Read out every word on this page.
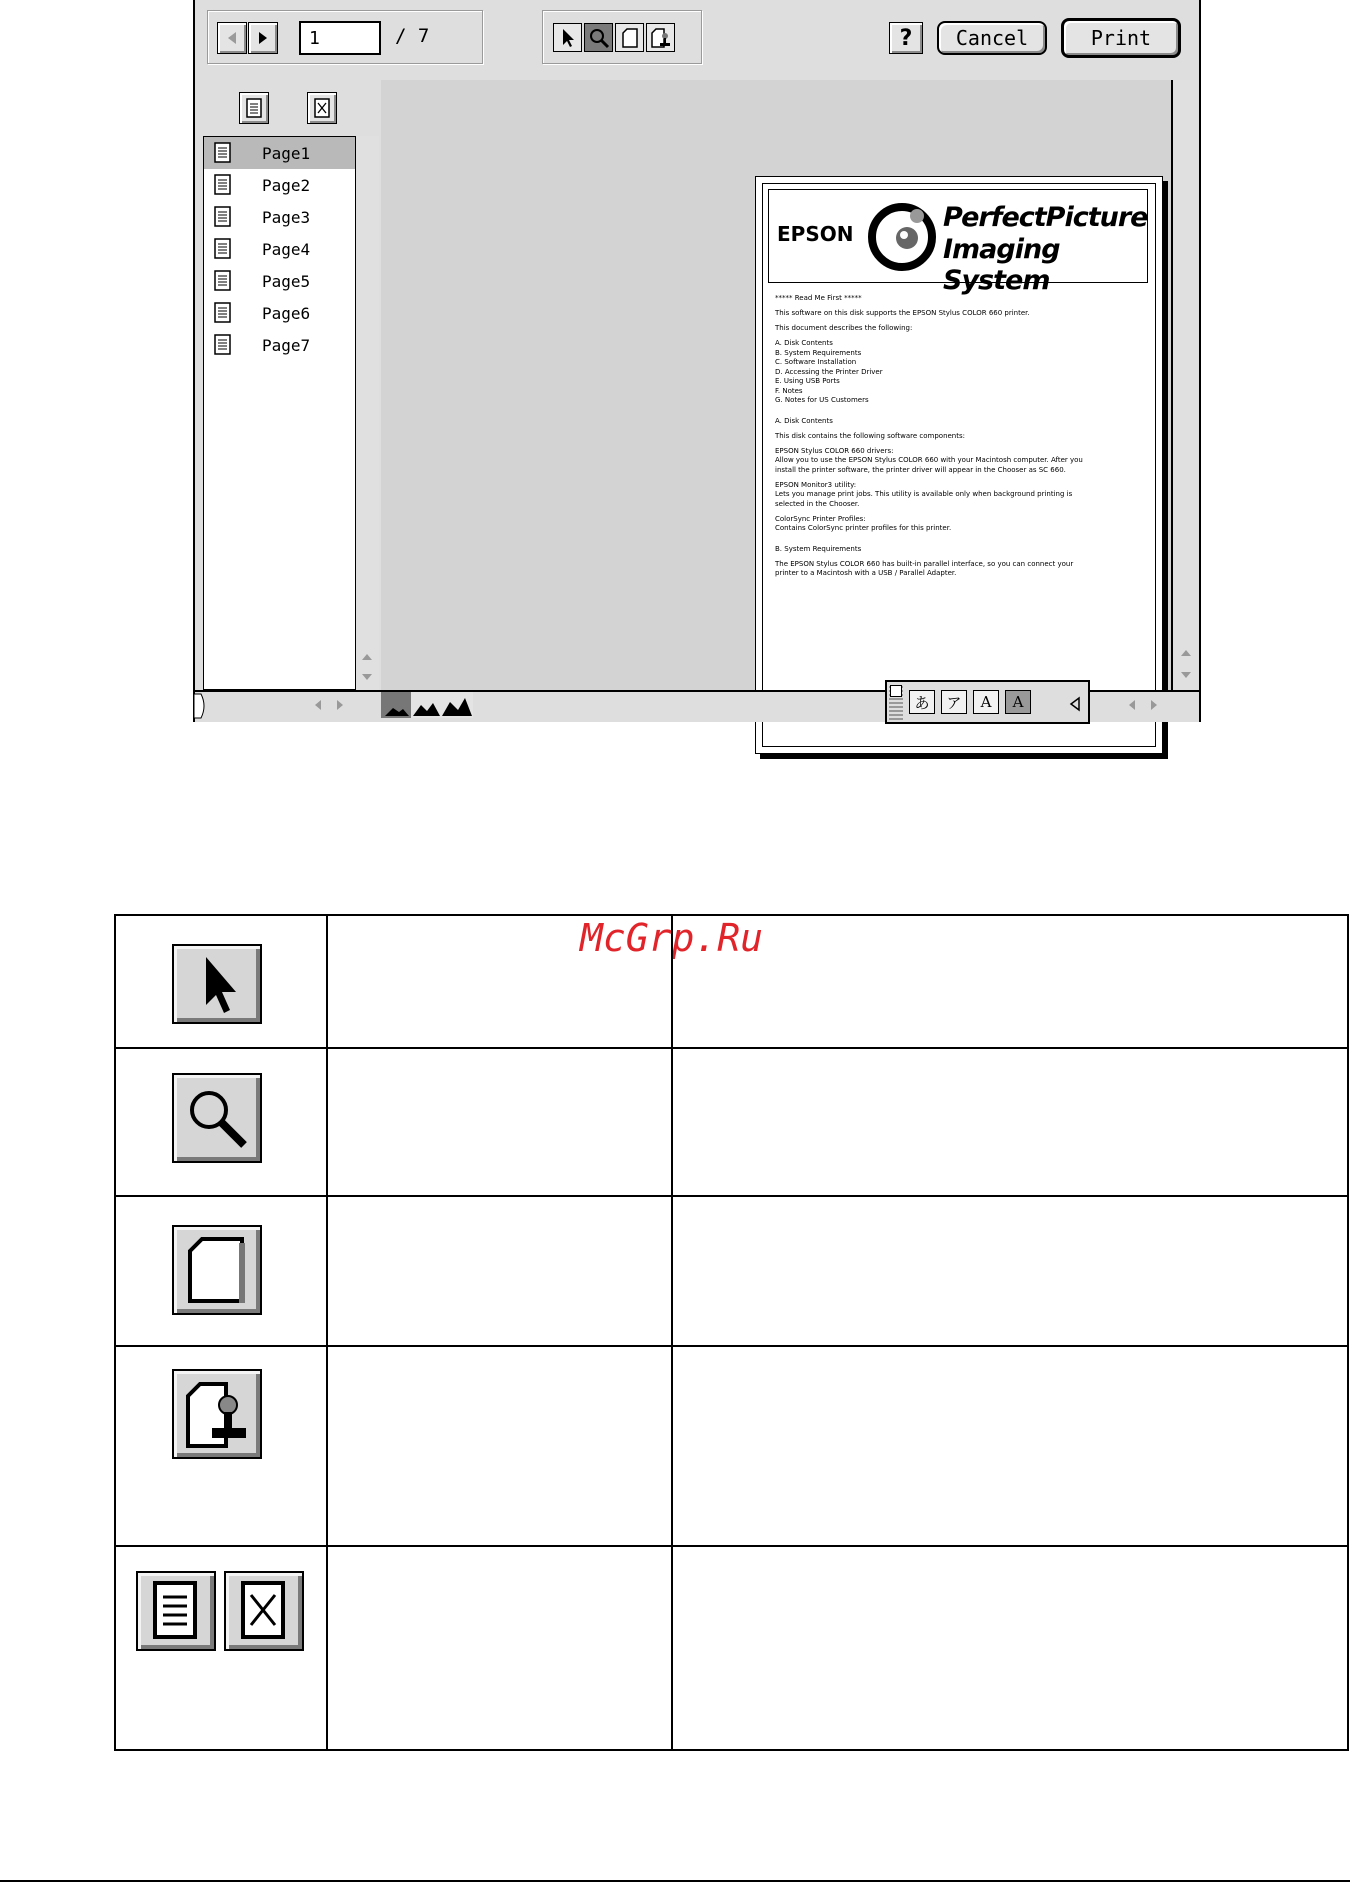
1
/ 7	? Cancel	Print
Page1
Page2
Page3
Page4
Page5
Page6
Page7
EPSON
PerfectPicture
Imaging System
***** Read Me First *****
This software on this disk supports the EPSON Stylus COLOR 660 printer.
This document describes the following:
A. Disk Contents
B. System Requirements
C. Software Installation
D. Accessing the Printer Driver
E. Using USB Ports
F. Notes
G. Notes for US Customers
A. Disk Contents
This disk contains the following software components:
EPSON Stylus COLOR 660 drivers:
Allow you to use the EPSON Stylus COLOR 660 with your Macintosh computer. After you
install the printer software, the printer driver will appear in the Chooser as SC 660.
EPSON Monitor3 utility:
Lets you manage print jobs. This utility is available only when background printing is
selected in the Chooser.
ColorSync Printer Profiles:
Contains ColorSync printer profiles for this printer.
B. System Requirements
The EPSON Stylus COLOR 660 has built-in parallel interface, so you can connect your
printer to a Macintosh with a USB / Parallel Adapter.
あ ア A A
McGrp.Ru
